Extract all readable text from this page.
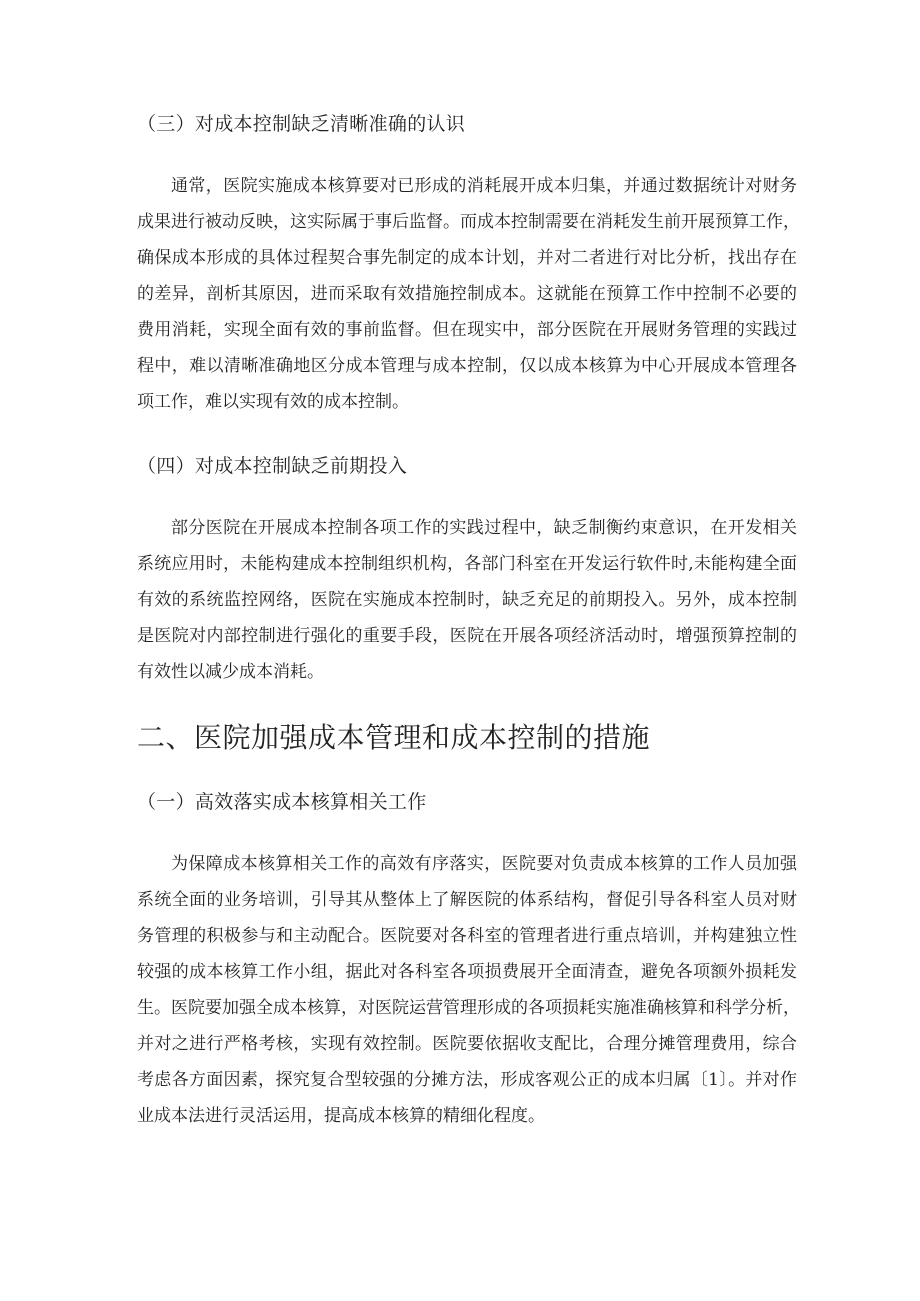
（三）对成本控制缺乏清晰准确的认识
通常，医院实施成本核算要对已形成的消耗展开成本归集，并通过数据统计对财务
成果进行被动反映，这实际属于事后监督。而成本控制需要在消耗发生前开展预算工作，
确保成本形成的具体过程契合事先制定的成本计划，并对二者进行对比分析，找出存在
的差异，剖析其原因，进而采取有效措施控制成本。这就能在预算工作中控制不必要的
费用消耗，实现全面有效的事前监督。但在现实中，部分医院在开展财务管理的实践过
程中，难以清晰准确地区分成本管理与成本控制，仅以成本核算为中心开展成本管理各
项工作，难以实现有效的成本控制。
（四）对成本控制缺乏前期投入
部分医院在开展成本控制各项工作的实践过程中，缺乏制衡约束意识，在开发相关
系统应用时，未能构建成本控制组织机构，各部门科室在开发运行软件时,未能构建全面
有效的系统监控网络，医院在实施成本控制时，缺乏充足的前期投入。另外，成本控制
是医院对内部控制进行强化的重要手段，医院在开展各项经济活动时，增强预算控制的
有效性以减少成本消耗。
二、医院加强成本管理和成本控制的措施
（一）高效落实成本核算相关工作
为保障成本核算相关工作的高效有序落实，医院要对负责成本核算的工作人员加强
系统全面的业务培训，引导其从整体上了解医院的体系结构，督促引导各科室人员对财
务管理的积极参与和主动配合。医院要对各科室的管理者进行重点培训，并构建独立性
较强的成本核算工作小组，据此对各科室各项损费展开全面清查，避免各项额外损耗发
生。医院要加强全成本核算，对医院运营管理形成的各项损耗实施准确核算和科学分析，
并对之进行严格考核，实现有效控制。医院要依据收支配比，合理分摊管理费用，综合
考虑各方面因素，探究复合型较强的分摊方法，形成客观公正的成本归属〔1〕。并对作
业成本法进行灵活运用，提高成本核算的精细化程度。
